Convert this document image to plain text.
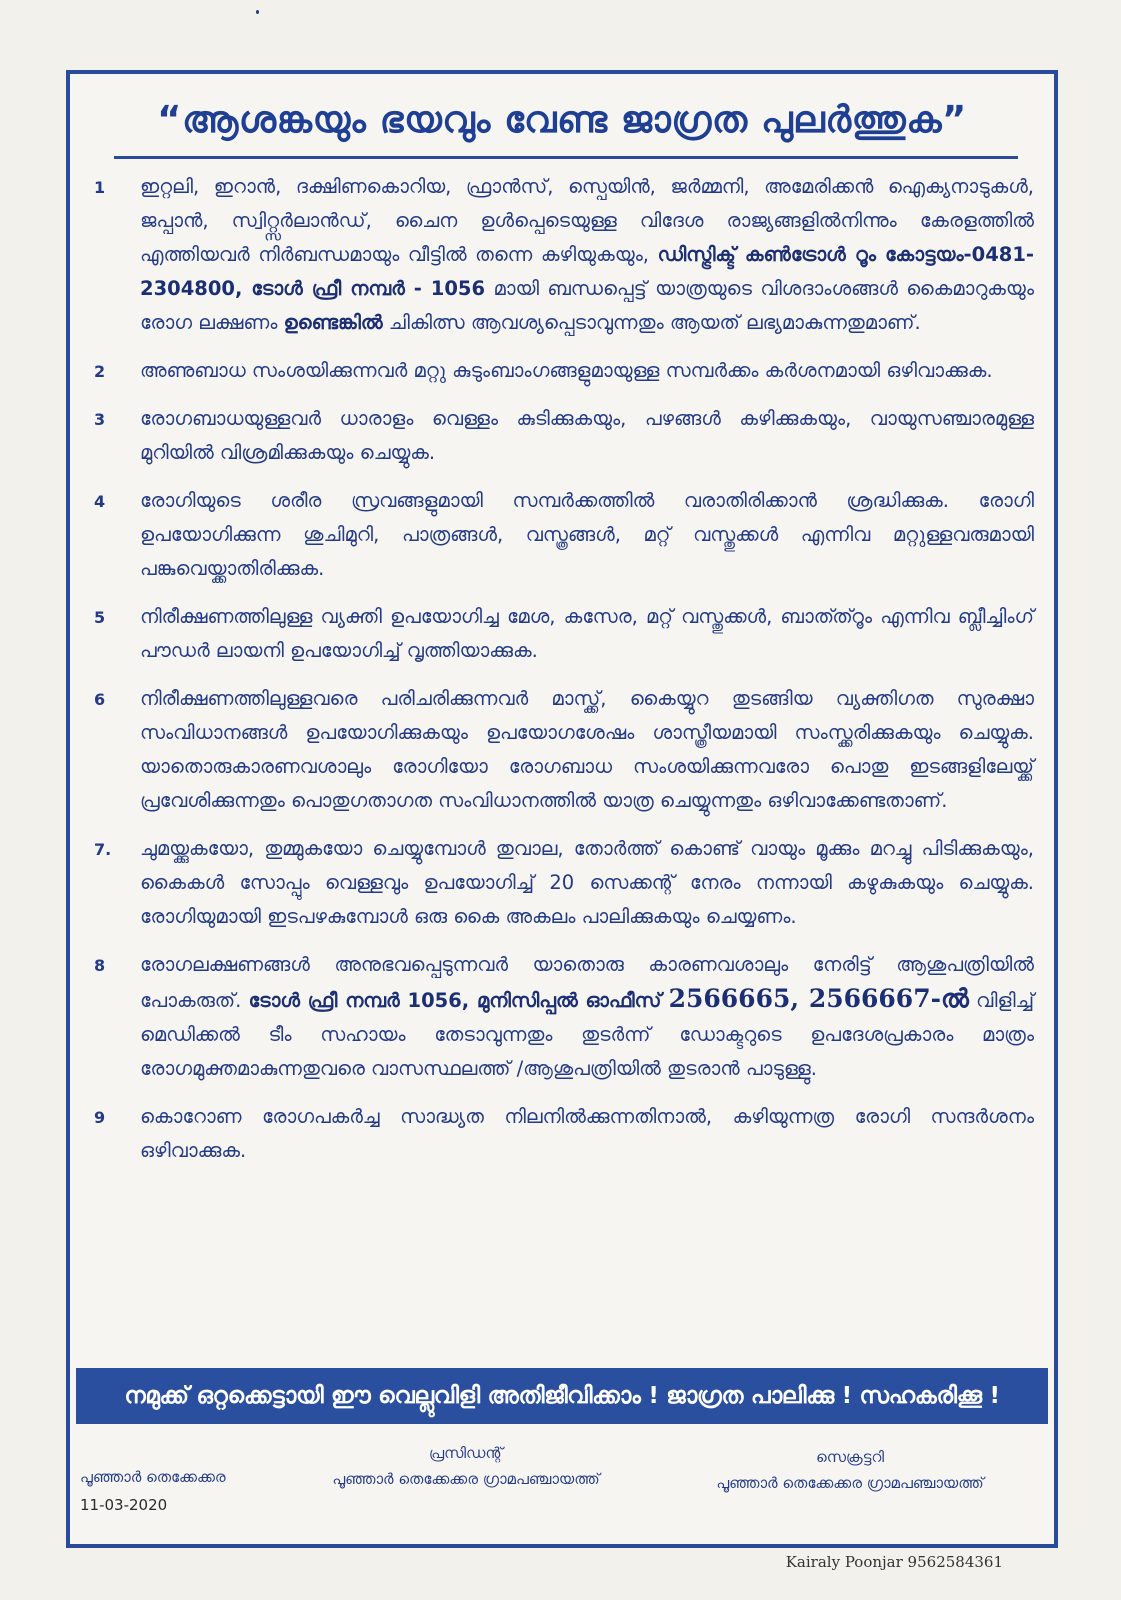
“ആശങ്കയും ഭയവും വേണ്ട ജാഗ്രത പുലർത്തുക”
1	ഇറ്റലി, ഇറാൻ, ദക്ഷിണകൊറിയ, ഫ്രാൻസ്, സ്പെയിൻ, ജർമ്മനി, അമേരിക്കൻ ഐക്യനാടുകൾ, ജപ്പാൻ, സ്വിറ്റ്സർലാൻഡ്, ചൈന ഉൾപ്പെടെയുള്ള വിദേശ രാജ്യങ്ങളിൽനിന്നും കേരളത്തിൽ എത്തിയവർ നിർബന്ധമായും വീട്ടിൽ തന്നെ കഴിയുകയും, ഡിസ്ട്രിക്ട് കൺട്രോൾ റൂം കോട്ടയം-0481-2304800, ടോൾ ഫ്രീ നമ്പർ - 1056 മായി ബന്ധപ്പെട്ട് യാത്രയുടെ വിശദാംശങ്ങൾ കൈമാറുകയും രോഗ ലക്ഷണം ഉണ്ടെങ്കിൽ ചികിത്സ ആവശ്യപ്പെടാവുന്നതും ആയത് ലഭ്യമാകുന്നതുമാണ്.
2	അണുബാധ സംശയിക്കുന്നവർ മറ്റു കുടുംബാംഗങ്ങളുമായുള്ള സമ്പർക്കം കർശനമായി ഒഴിവാക്കുക.
3	രോഗബാധയുള്ളവർ ധാരാളം വെള്ളം കുടിക്കുകയും, പഴങ്ങൾ കഴിക്കുകയും, വായുസഞ്ചാരമുള്ള മുറിയിൽ വിശ്രമിക്കുകയും ചെയ്യുക.
4	രോഗിയുടെ ശരീര സ്രവങ്ങളുമായി സമ്പർക്കത്തിൽ വരാതിരിക്കാൻ ശ്രദ്ധിക്കുക. രോഗി ഉപയോഗിക്കുന്ന ശുചിമുറി, പാത്രങ്ങൾ, വസ്ത്രങ്ങൾ, മറ്റ് വസ്തുക്കൾ എന്നിവ മറ്റുള്ളവരുമായി പങ്കുവെയ്ക്കാതിരിക്കുക.
5	നിരീക്ഷണത്തിലുള്ള വ്യക്തി ഉപയോഗിച്ച മേശ, കസേര, മറ്റ് വസ്തുക്കൾ, ബാത്ത്റൂം എന്നിവ ബ്ലീച്ചിംഗ് പൗഡർ ലായനി ഉപയോഗിച്ച് വൃത്തിയാക്കുക.
6	നിരീക്ഷണത്തിലുള്ളവരെ പരിചരിക്കുന്നവർ മാസ്ക്ക്, കൈയ്യുറ തുടങ്ങിയ വ്യക്തിഗത സുരക്ഷാ സംവിധാനങ്ങൾ ഉപയോഗിക്കുകയും ഉപയോഗശേഷം ശാസ്ത്രീയമായി സംസ്ക്കരിക്കുകയും ചെയ്യുക. യാതൊരുകാരണവശാലും രോഗിയോ രോഗബാധ സംശയിക്കുന്നവരോ പൊതു ഇടങ്ങളിലേയ്ക്ക് പ്രവേശിക്കുന്നതും പൊതുഗതാഗത സംവിധാനത്തിൽ യാത്ര ചെയ്യുന്നതും ഒഴിവാക്കേണ്ടതാണ്.
7.	ചുമയ്ക്കുകയോ, തുമ്മുകയോ ചെയ്യുമ്പോൾ തുവാല, തോർത്ത് കൊണ്ട് വായും മൂക്കും മറച്ചു പിടിക്കുകയും, കൈകൾ സോപ്പും വെള്ളവും ഉപയോഗിച്ച് 20 സെക്കന്റ് നേരം നന്നായി കഴുകുകയും ചെയ്യുക. രോഗിയുമായി ഇടപഴകുമ്പോൾ ഒരു കൈ അകലം പാലിക്കുകയും ചെയ്യണം.
8	രോഗലക്ഷണങ്ങൾ അനുഭവപ്പെടുന്നവർ യാതൊരു കാരണവശാലും നേരിട്ട് ആശുപത്രിയിൽ പോകരുത്. ടോൾ ഫ്രീ നമ്പർ 1056, മുനിസിപ്പൽ ഓഫീസ് 2566665, 2566667-ൽ വിളിച്ച് മെഡിക്കൽ ടീം സഹായം തേടാവുന്നതും തുടർന്ന് ഡോക്ടറുടെ ഉപദേശപ്രകാരം മാത്രം രോഗമുക്തമാകുന്നതുവരെ വാസസ്ഥലത്ത് /ആശുപത്രിയിൽ തുടരാൻ പാടുള്ളു.
9	കൊറോണ രോഗപകർച്ച സാദ്ധ്യത നിലനിൽക്കുന്നതിനാൽ, കഴിയുന്നത്ര രോഗി സന്ദർശനം ഒഴിവാക്കുക.
നമുക്ക് ഒറ്റക്കെട്ടായി ഈ വെല്ലുവിളി അതിജീവിക്കാം ! ജാഗ്രത പാലിക്കു ! സഹകരിക്കൂ !
പൂഞ്ഞാർ തെക്കേക്കര
11-03-2020
പ്രസിഡന്റ്
പൂഞ്ഞാർ തെക്കേക്കര ഗ്രാമപഞ്ചായത്ത്
സെക്രട്ടറി
പൂഞ്ഞാർ തെക്കേക്കര ഗ്രാമപഞ്ചായത്ത്
Kairaly Poonjar 9562584361
